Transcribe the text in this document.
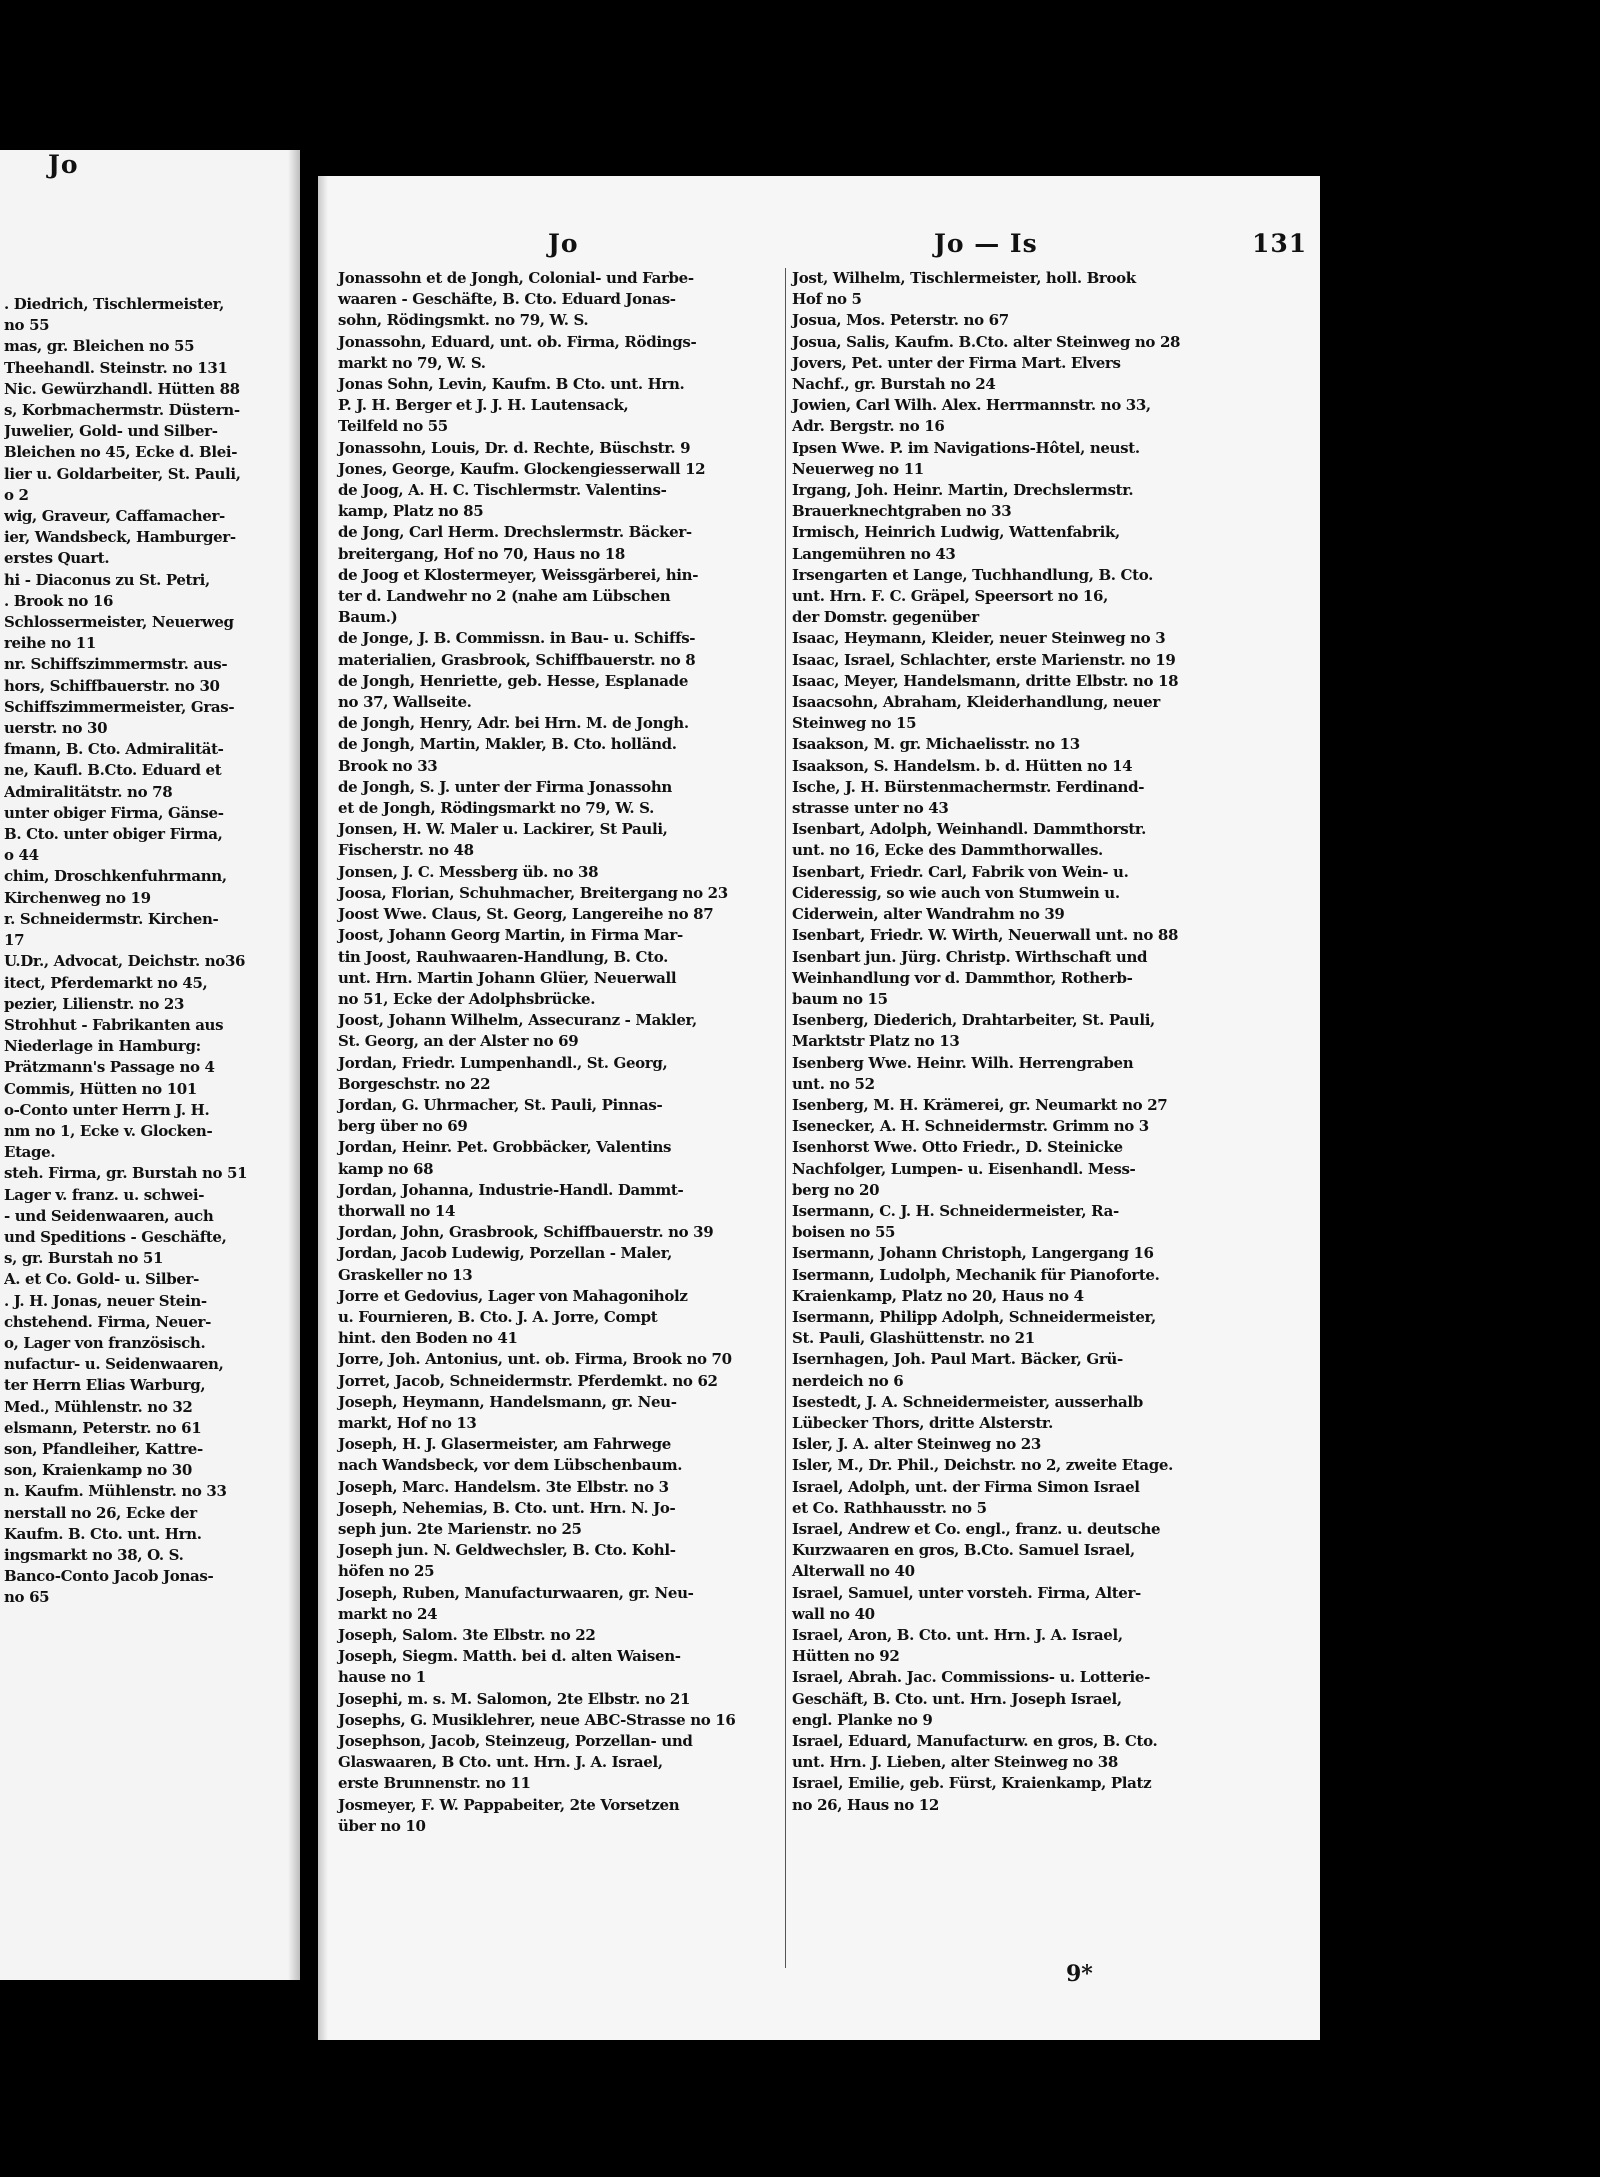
Jo
. Diedrich, Tischlermeister,
no 55
mas, gr. Bleichen no 55
Theehandl. Steinstr. no 131
Nic. Gewürzhandl. Hütten 88
s, Korbmachermstr. Düstern-
Juwelier, Gold- und Silber-
Bleichen no 45, Ecke d. Blei-
lier u. Goldarbeiter, St. Pauli,
o 2
wig, Graveur, Caffamacher-
ier, Wandsbeck, Hamburger-
erstes Quart.
hi - Diaconus zu St. Petri,
. Brook no 16
Schlossermeister, Neuerweg
reihe no 11
nr. Schiffszimmermstr. aus-
hors, Schiffbauerstr. no 30
Schiffszimmermeister, Gras-
uerstr. no 30
fmann, B. Cto. Admiralität-
ne, Kaufl. B.Cto. Eduard et
Admiralitätstr. no 78
unter obiger Firma, Gänse-
B. Cto. unter obiger Firma,
o 44
chim, Droschkenfuhrmann,
Kirchenweg no 19
r. Schneidermstr. Kirchen-
17
U.Dr., Advocat, Deichstr. no36
itect, Pferdemarkt no 45,
pezier, Lilienstr. no 23
Strohhut - Fabrikanten aus
Niederlage in Hamburg:
Prätzmann's Passage no 4
Commis, Hütten no 101
o-Conto unter Herrn J. H.
nm no 1, Ecke v. Glocken-
Etage.
steh. Firma, gr. Burstah no 51
Lager v. franz. u. schwei-
- und Seidenwaaren, auch
und Speditions - Geschäfte,
s, gr. Burstah no 51
A. et Co. Gold- u. Silber-
. J. H. Jonas, neuer Stein-
chstehend. Firma, Neuer-
o, Lager von französisch.
nufactur- u. Seidenwaaren,
ter Herrn Elias Warburg,
Med., Mühlenstr. no 32
elsmann, Peterstr. no 61
son, Pfandleiher, Kattre-
son, Kraienkamp no 30
n. Kaufm. Mühlenstr. no 33
nerstall no 26, Ecke der
Kaufm. B. Cto. unt. Hrn.
ingsmarkt no 38, O. S.
Banco-Conto Jacob Jonas-
no 65
Jo	Jo — Is	131
Jonassohn et de Jongh, Colonial- und Farbe-
waaren - Geschäfte, B. Cto. Eduard Jonas-
sohn, Rödingsmkt. no 79, W. S.
Jonassohn, Eduard, unt. ob. Firma, Rödings-
markt no 79, W. S.
Jonas Sohn, Levin, Kaufm. B Cto. unt. Hrn.
P. J. H. Berger et J. J. H. Lautensack,
Teilfeld no 55
Jonassohn, Louis, Dr. d. Rechte, Büschstr. 9
Jones, George, Kaufm. Glockengiesserwall 12
de Joog, A. H. C. Tischlermstr. Valentins-
kamp, Platz no 85
de Jong, Carl Herm. Drechslermstr. Bäcker-
breitergang, Hof no 70, Haus no 18
de Joog et Klostermeyer, Weissgärberei, hin-
ter d. Landwehr no 2 (nahe am Lübschen
Baum.)
de Jonge, J. B. Commissn. in Bau- u. Schiffs-
materialien, Grasbrook, Schiffbauerstr. no 8
de Jongh, Henriette, geb. Hesse, Esplanade
no 37, Wallseite.
de Jongh, Henry, Adr. bei Hrn. M. de Jongh.
de Jongh, Martin, Makler, B. Cto. holländ.
Brook no 33
de Jongh, S. J. unter der Firma Jonassohn
et de Jongh, Rödingsmarkt no 79, W. S.
Jonsen, H. W. Maler u. Lackirer, St Pauli,
Fischerstr. no 48
Jonsen, J. C. Messberg üb. no 38
Joosa, Florian, Schuhmacher, Breitergang no 23
Joost Wwe. Claus, St. Georg, Langereihe no 87
Joost, Johann Georg Martin, in Firma Mar-
tin Joost, Rauhwaaren-Handlung, B. Cto.
unt. Hrn. Martin Johann Glüer, Neuerwall
no 51, Ecke der Adolphsbrücke.
Joost, Johann Wilhelm, Assecuranz - Makler,
St. Georg, an der Alster no 69
Jordan, Friedr. Lumpenhandl., St. Georg,
Borgeschstr. no 22
Jordan, G. Uhrmacher, St. Pauli, Pinnas-
berg über no 69
Jordan, Heinr. Pet. Grobbäcker, Valentins
kamp no 68
Jordan, Johanna, Industrie-Handl. Dammt-
thorwall no 14
Jordan, John, Grasbrook, Schiffbauerstr. no 39
Jordan, Jacob Ludewig, Porzellan - Maler,
Graskeller no 13
Jorre et Gedovius, Lager von Mahagoniholz
u. Fournieren, B. Cto. J. A. Jorre, Compt
hint. den Boden no 41
Jorre, Joh. Antonius, unt. ob. Firma, Brook no 70
Jorret, Jacob, Schneidermstr. Pferdemkt. no 62
Joseph, Heymann, Handelsmann, gr. Neu-
markt, Hof no 13
Joseph, H. J. Glasermeister, am Fahrwege
nach Wandsbeck, vor dem Lübschenbaum.
Joseph, Marc. Handelsm. 3te Elbstr. no 3
Joseph, Nehemias, B. Cto. unt. Hrn. N. Jo-
seph jun. 2te Marienstr. no 25
Joseph jun. N. Geldwechsler, B. Cto. Kohl-
höfen no 25
Joseph, Ruben, Manufacturwaaren, gr. Neu-
markt no 24
Joseph, Salom. 3te Elbstr. no 22
Joseph, Siegm. Matth. bei d. alten Waisen-
hause no 1
Josephi, m. s. M. Salomon, 2te Elbstr. no 21
Josephs, G. Musiklehrer, neue ABC-Strasse no 16
Josephson, Jacob, Steinzeug, Porzellan- und
Glaswaaren, B Cto. unt. Hrn. J. A. Israel,
erste Brunnenstr. no 11
Josmeyer, F. W. Pappabeiter, 2te Vorsetzen
über no 10
Jost, Wilhelm, Tischlermeister, holl. Brook
Hof no 5
Josua, Mos. Peterstr. no 67
Josua, Salis, Kaufm. B.Cto. alter Steinweg no 28
Jovers, Pet. unter der Firma Mart. Elvers
Nachf., gr. Burstah no 24
Jowien, Carl Wilh. Alex. Herrmannstr. no 33,
Adr. Bergstr. no 16
Ipsen Wwe. P. im Navigations-Hôtel, neust.
Neuerweg no 11
Irgang, Joh. Heinr. Martin, Drechslermstr.
Brauerknechtgraben no 33
Irmisch, Heinrich Ludwig, Wattenfabrik,
Langemühren no 43
Irsengarten et Lange, Tuchhandlung, B. Cto.
unt. Hrn. F. C. Gräpel, Speersort no 16,
der Domstr. gegenüber
Isaac, Heymann, Kleider, neuer Steinweg no 3
Isaac, Israel, Schlachter, erste Marienstr. no 19
Isaac, Meyer, Handelsmann, dritte Elbstr. no 18
Isaacsohn, Abraham, Kleiderhandlung, neuer
Steinweg no 15
Isaakson, M. gr. Michaelisstr. no 13
Isaakson, S. Handelsm. b. d. Hütten no 14
Ische, J. H. Bürstenmachermstr. Ferdinand-
strasse unter no 43
Isenbart, Adolph, Weinhandl. Dammthorstr.
unt. no 16, Ecke des Dammthorwalles.
Isenbart, Friedr. Carl, Fabrik von Wein- u.
Cideressig, so wie auch von Stumwein u.
Ciderwein, alter Wandrahm no 39
Isenbart, Friedr. W. Wirth, Neuerwall unt. no 88
Isenbart jun. Jürg. Christp. Wirthschaft und
Weinhandlung vor d. Dammthor, Rotherb-
baum no 15
Isenberg, Diederich, Drahtarbeiter, St. Pauli,
Marktstr Platz no 13
Isenberg Wwe. Heinr. Wilh. Herrengraben
unt. no 52
Isenberg, M. H. Krämerei, gr. Neumarkt no 27
Isenecker, A. H. Schneidermstr. Grimm no 3
Isenhorst Wwe. Otto Friedr., D. Steinicke
Nachfolger, Lumpen- u. Eisenhandl. Mess-
berg no 20
Isermann, C. J. H. Schneidermeister, Ra-
boisen no 55
Isermann, Johann Christoph, Langergang 16
Isermann, Ludolph, Mechanik für Pianoforte.
Kraienkamp, Platz no 20, Haus no 4
Isermann, Philipp Adolph, Schneidermeister,
St. Pauli, Glashüttenstr. no 21
Isernhagen, Joh. Paul Mart. Bäcker, Grü-
nerdeich no 6
Isestedt, J. A. Schneidermeister, ausserhalb
Lübecker Thors, dritte Alsterstr.
Isler, J. A. alter Steinweg no 23
Isler, M., Dr. Phil., Deichstr. no 2, zweite Etage.
Israel, Adolph, unt. der Firma Simon Israel
et Co. Rathhausstr. no 5
Israel, Andrew et Co. engl., franz. u. deutsche
Kurzwaaren en gros, B.Cto. Samuel Israel,
Alterwall no 40
Israel, Samuel, unter vorsteh. Firma, Alter-
wall no 40
Israel, Aron, B. Cto. unt. Hrn. J. A. Israel,
Hütten no 92
Israel, Abrah. Jac. Commissions- u. Lotterie-
Geschäft, B. Cto. unt. Hrn. Joseph Israel,
engl. Planke no 9
Israel, Eduard, Manufacturw. en gros, B. Cto.
unt. Hrn. J. Lieben, alter Steinweg no 38
Israel, Emilie, geb. Fürst, Kraienkamp, Platz
no 26, Haus no 12
9*
